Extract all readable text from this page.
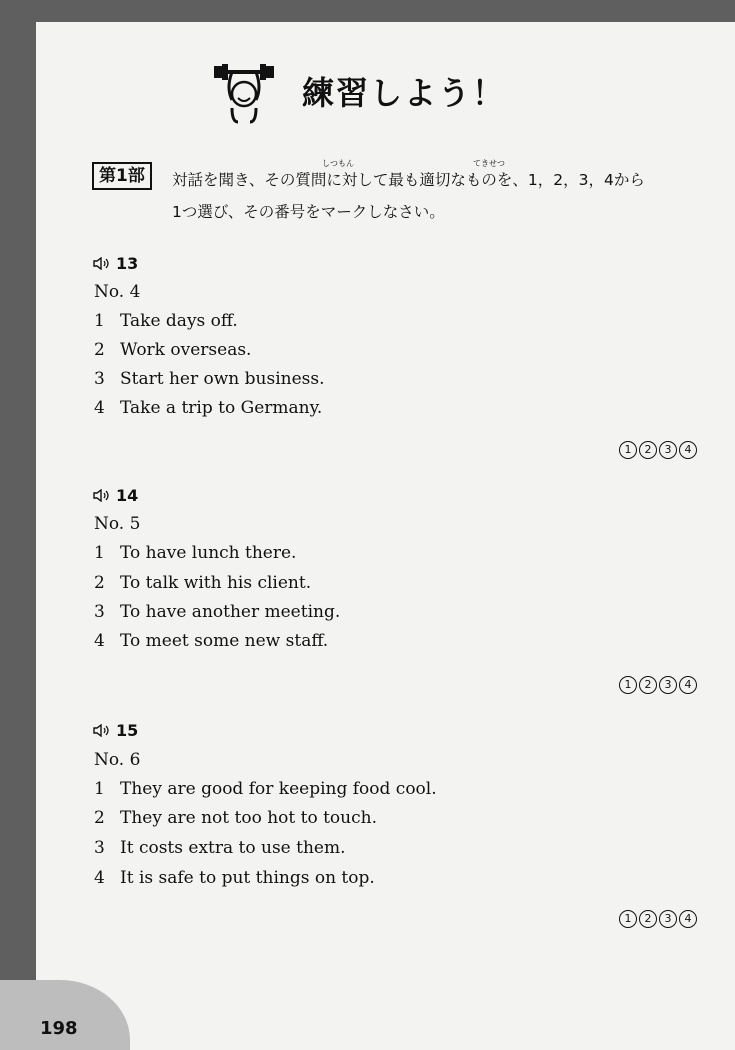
198
練習しよう！
第1部
しつもん	てきせつ
対話を聞き、その質問に対して最も適切なものを、1，2，3，4から
1つ選び、その番号をマークしなさい。
13
No. 4
1 Take days off.
2 Work overseas.
3 Start her own business.
4 Take a trip to Germany.
1	2	3	4
14
No. 5
1 To have lunch there.
2 To talk with his client.
3 To have another meeting.
4 To meet some new staff.
1	2	3	4
15
No. 6
1 They are good for keeping food cool.
2 They are not too hot to touch.
3 It costs extra to use them.
4 It is safe to put things on top.
1	2	3	4
